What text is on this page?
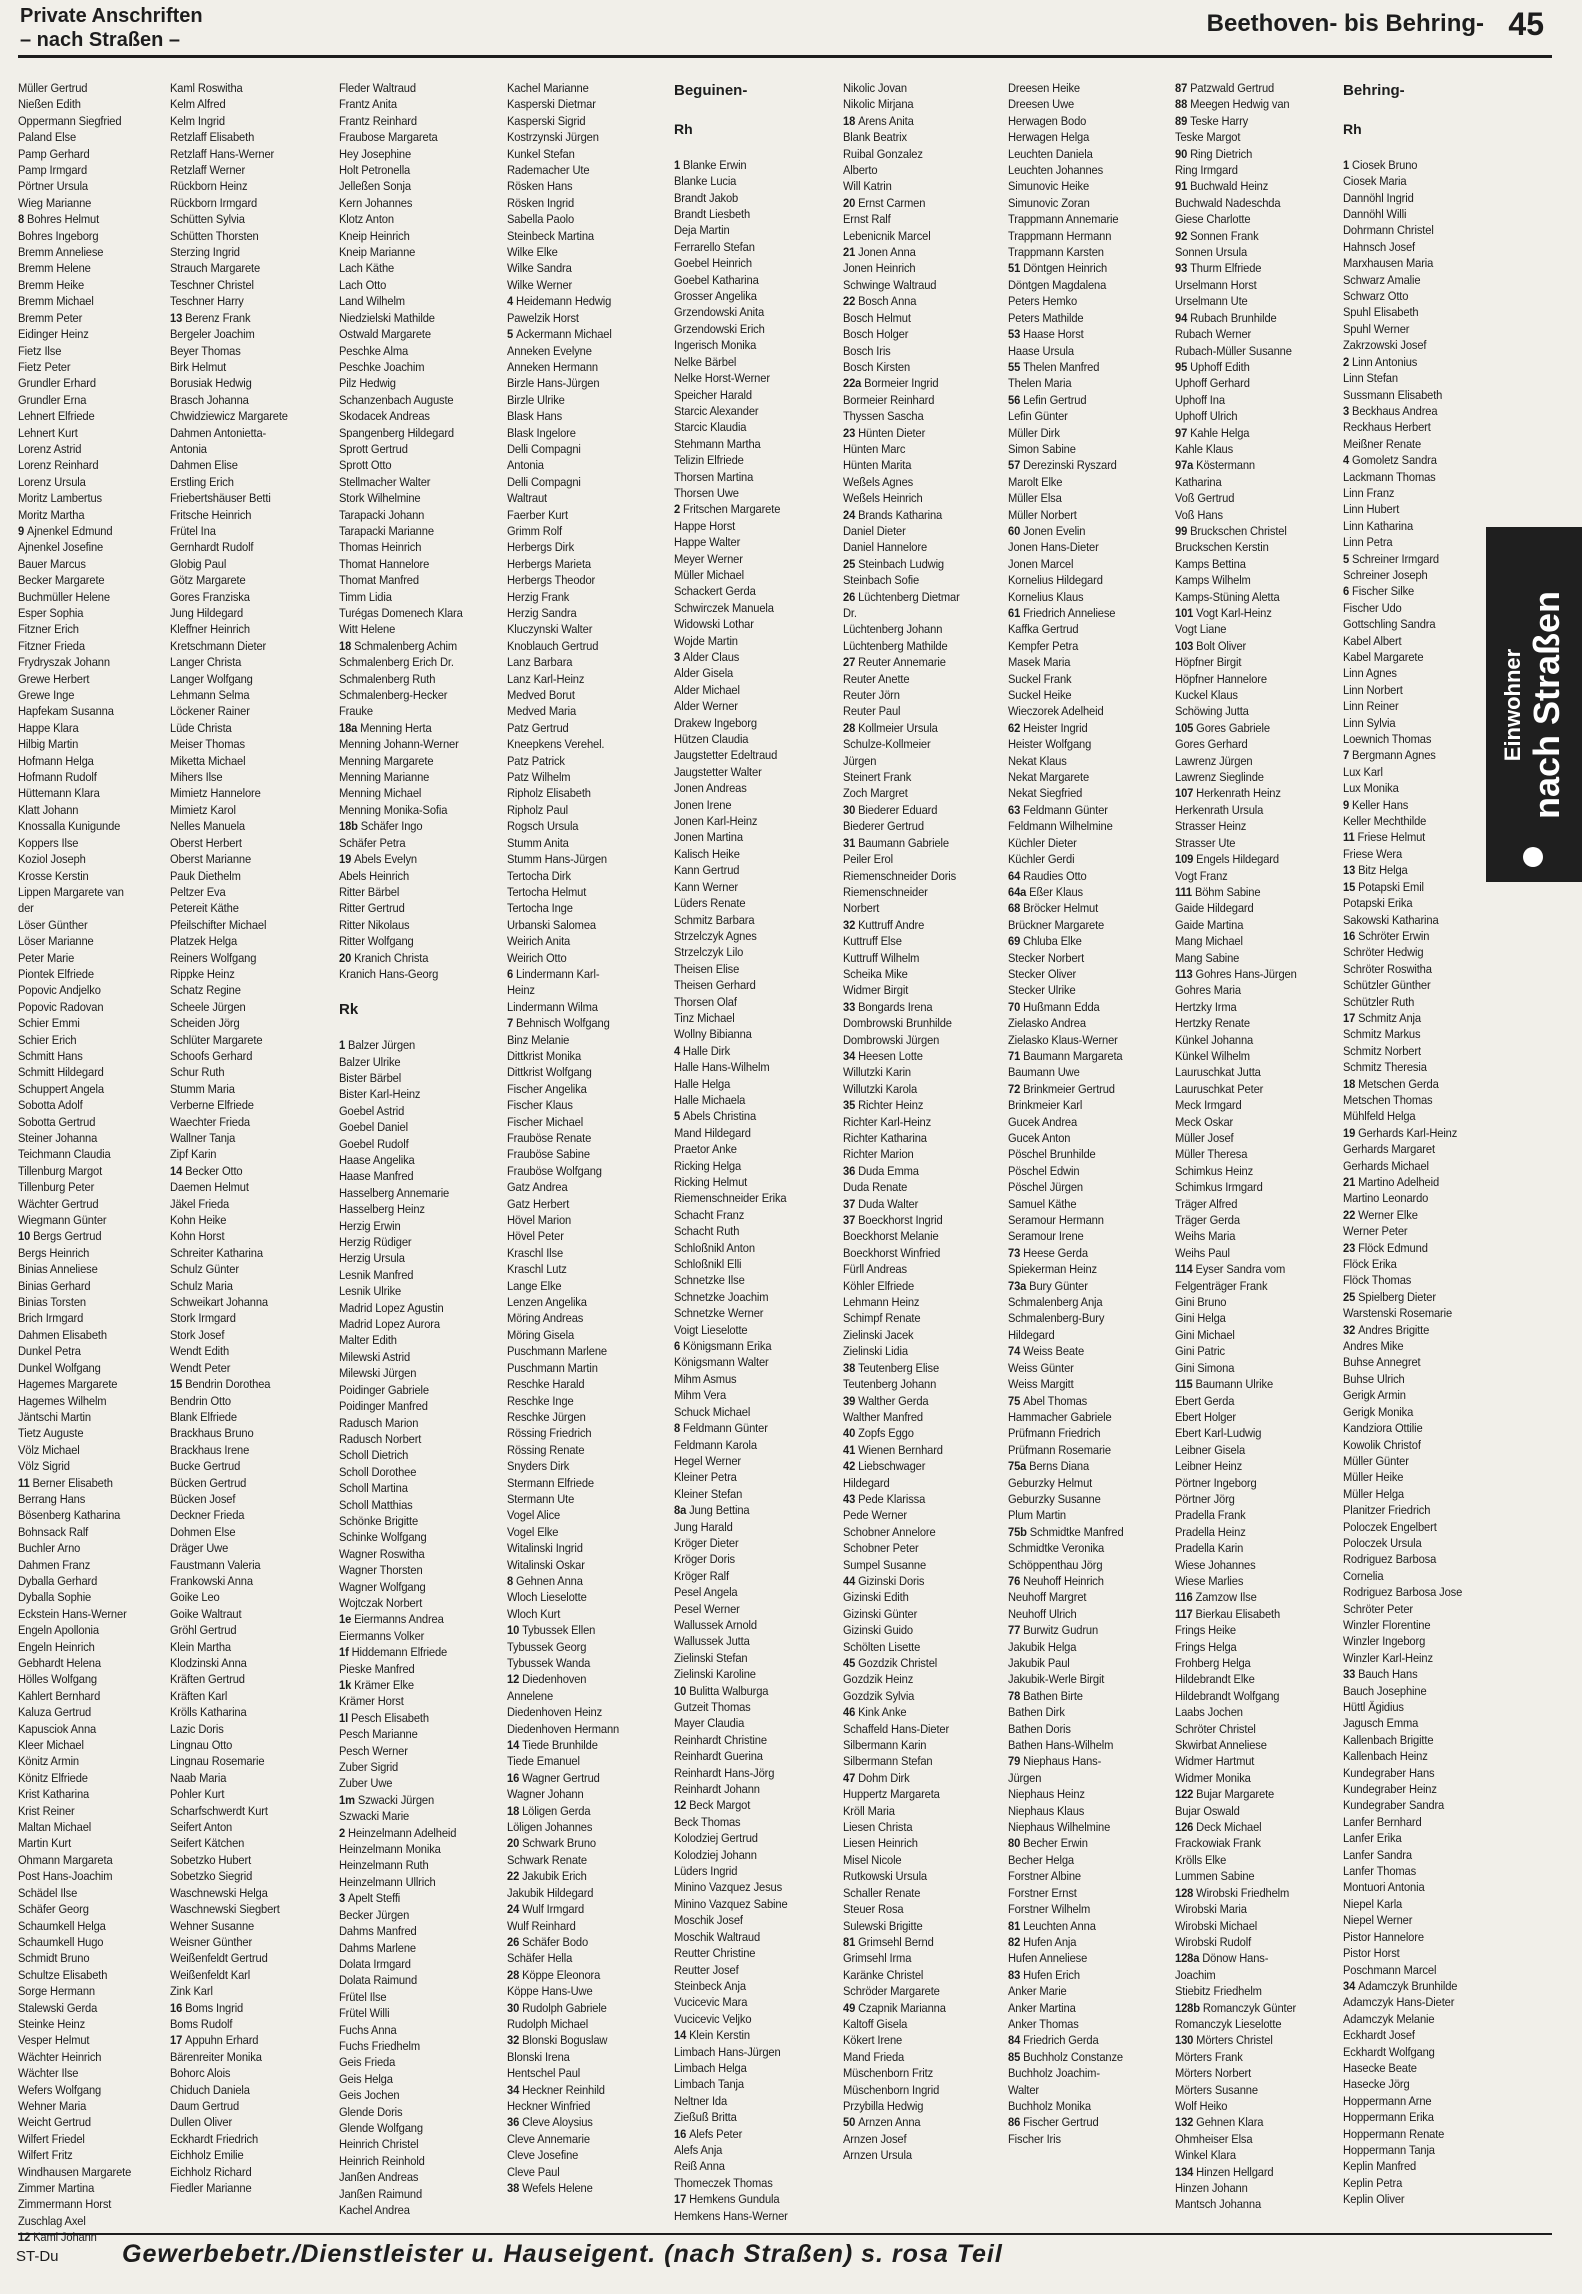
Private Anschriften
– nach Straßen –
Beethoven- bis Behring- 45
Müller Gertrud
Nießen Edith
Oppermann Siegfried
Paland Else
Pamp Gerhard
Pamp Irmgard
Pörtner Ursula
Wieg Marianne
8 Bohres Helmut
Bohres Ingeborg
Bremm Anneliese
Bremm Helene
Bremm Heike
Bremm Michael
Bremm Peter
Eidinger Heinz
Fietz Ilse
Fietz Peter
Grundler Erhard
Grundler Erna
Lehnert Elfriede
Lehnert Kurt
Lorenz Astrid
Lorenz Reinhard
Lorenz Ursula
Moritz Lambertus
Moritz Martha
9 Ajnenkel Edmund
Ajnenkel Josefine
Bauer Marcus
Becker Margarete
Buchmüller Helene
Esper Sophia
Fitzner Erich
Fitzner Frieda
Frydryszak Johann
Grewe Herbert
Grewe Inge
Hapfekam Susanna
Happe Klara
Hilbig Martin
Hofmann Helga
Hofmann Rudolf
Hüttemann Klara
Klatt Johann
Knossalla Kunigunde
Koppers Ilse
Koziol Joseph
Krosse Kerstin
Lippen Margarete van
der
Löser Günther
Löser Marianne
Peter Marie
Piontek Elfriede
Popovic Andjelko
Popovic Radovan
Schier Emmi
Schier Erich
Schmitt Hans
Schmitt Hildegard
Schuppert Angela
Sobotta Adolf
Sobotta Gertrud
Steiner Johanna
Teichmann Claudia
Tillenburg Margot
Tillenburg Peter
Wächter Gertrud
Wiegmann Günter
10 Bergs Gertrud
Bergs Heinrich
Binias Anneliese
Binias Gerhard
Binias Torsten
Brich Irmgard
Dahmen Elisabeth
Dunkel Petra
Dunkel Wolfgang
Hagemes Margarete
Hagemes Wilhelm
Jäntschi Martin
Tietz Auguste
Völz Michael
Völz Sigrid
11 Berner Elisabeth
Berrang Hans
Bösenberg Katharina
Bohnsack Ralf
Buchler Arno
Dahmen Franz
Dyballa Gerhard
Dyballa Sophie
Eckstein Hans-Werner
Engeln Apollonia
Engeln Heinrich
Gebhardt Helena
Hölles Wolfgang
Kahlert Bernhard
Kaluza Gertrud
Kapusciok Anna
Kleer Michael
Könitz Armin
Könitz Elfriede
Krist Katharina
Krist Reiner
Maltan Michael
Martin Kurt
Ohmann Margareta
Post Hans-Joachim
Schädel Ilse
Schäfer Georg
Schaumkell Helga
Schaumkell Hugo
Schmidt Bruno
Schultze Elisabeth
Sorge Hermann
Stalewski Gerda
Steinke Heinz
Vesper Helmut
Wächter Heinrich
Wächter Ilse
Wefers Wolfgang
Wehner Maria
Weicht Gertrud
Wilfert Friedel
Wilfert Fritz
Windhausen Margarete
Zimmer Martina
Zimmermann Horst
Zuschlag Axel
12 Kaml Johann
Kaml Roswitha
Kelm Alfred
Kelm Ingrid
Retzlaff Elisabeth
Retzlaff Hans-Werner
Retzlaff Werner
Rückborn Heinz
Rückborn Irmgard
Schütten Sylvia
Schütten Thorsten
Sterzing Ingrid
Strauch Margarete
Teschner Christel
Teschner Harry
13 Berenz Frank
Bergeler Joachim
Beyer Thomas
Birk Helmut
Borusiak Hedwig
Brasch Johanna
Chwidziewicz Margarete
Dahmen Antonietta-
Antonia
Dahmen Elise
Erstling Erich
Friebertshäuser Betti
Fritsche Heinrich
Frütel Ina
Gernhardt Rudolf
Globig Paul
Götz Margarete
Gores Franziska
Jung Hildegard
Kleffner Heinrich
Kretschmann Dieter
Langer Christa
Langer Wolfgang
Lehmann Selma
Löckener Rainer
Lüde Christa
Meiser Thomas
Miketta Michael
Mihers Ilse
Mimietz Hannelore
Mimietz Karol
Nelles Manuela
Oberst Herbert
Oberst Marianne
Pauk Diethelm
Peltzer Eva
Petereit Käthe
Pfeilschifter Michael
Platzek Helga
Reiners Wolfgang
Rippke Heinz
Schatz Regine
Scheele Jürgen
Scheiden Jörg
Schlüter Margarete
Schoofs Gerhard
Schur Ruth
Stumm Maria
Verberne Elfriede
Waechter Frieda
Wallner Tanja
Zipf Karin
14 Becker Otto
Daemen Helmut
Jäkel Frieda
Kohn Heike
Kohn Horst
Schreiter Katharina
Schulz Günter
Schulz Maria
Schweikart Johanna
Stork Irmgard
Stork Josef
Wendt Edith
Wendt Peter
15 Bendrin Dorothea
Bendrin Otto
Blank Elfriede
Brackhaus Bruno
Brackhaus Irene
Bucke Gertrud
Bücken Gertrud
Bücken Josef
Deckner Frieda
Dohmen Else
Dräger Uwe
Faustmann Valeria
Frankowski Anna
Goike Leo
Goike Waltraut
Gröhl Gertrud
Klein Martha
Klodzinski Anna
Kräften Gertrud
Kräften Karl
Krölls Katharina
Lazic Doris
Lingnau Otto
Lingnau Rosemarie
Naab Maria
Pohler Kurt
Scharfschwerdt Kurt
Seifert Anton
Seifert Kätchen
Sobetzko Hubert
Sobetzko Siegrid
Waschnewski Helga
Waschnewski Siegbert
Wehner Susanne
Weisner Günther
Weißenfeldt Gertrud
Weißenfeldt Karl
Zink Karl
16 Boms Ingrid
Boms Rudolf
17 Appuhn Erhard
Bärenreiter Monika
Bohorc Alois
Chiduch Daniela
Daum Gertrud
Dullen Oliver
Eckhardt Friedrich
Eichholz Emilie
Eichholz Richard
Fiedler Marianne
Fleder Waltraud
Frantz Anita
Frantz Reinhard
Fraubose Margareta
Hey Josephine
Holt Petronella
Jelleßen Sonja
Kern Johannes
Klotz Anton
Kneip Heinrich
Kneip Marianne
Lach Käthe
Lach Otto
Land Wilhelm
Niedzielski Mathilde
Ostwald Margarete
Peschke Alma
Peschke Joachim
Pilz Hedwig
Schanzenbach Auguste
Skodacek Andreas
Spangenberg Hildegard
Sprott Gertrud
Sprott Otto
Stellmacher Walter
Stork Wilhelmine
Tarapacki Johann
Tarapacki Marianne
Thomas Heinrich
Thomat Hannelore
Thomat Manfred
Timm Lidia
Turégas Domenech Klara
Witt Helene
18 Schmalenberg Achim
Schmalenberg Erich Dr.
Schmalenberg Ruth
Schmalenberg-Hecker
Frauke
18a Menning Herta
Menning Johann-Werner
Menning Margarete
Menning Marianne
Menning Michael
Menning Monika-Sofia
18b Schäfer Ingo
Schäfer Petra
19 Abels Evelyn
Abels Heinrich
Ritter Bärbel
Ritter Gertrud
Ritter Nikolaus
Ritter Wolfgang
20 Kranich Christa
Kranich Hans-Georg

Rk

1 Balzer Jürgen
Balzer Ulrike
Bister Bärbel
Bister Karl-Heinz
Goebel Astrid
Goebel Daniel
Goebel Rudolf
Haase Angelika
Haase Manfred
Hasselberg Annemarie
Hasselberg Heinz
Herzig Erwin
Herzig Rüdiger
Herzig Ursula
Lesnik Manfred
Lesnik Ulrike
Madrid Lopez Agustin
Madrid Lopez Aurora
Malter Edith
Milewski Astrid
Milewski Jürgen
Poidinger Gabriele
Poidinger Manfred
Radusch Marion
Radusch Norbert
Scholl Dietrich
Scholl Dorothee
Scholl Martina
Scholl Matthias
Schönke Brigitte
Schinke Wolfgang
Wagner Roswitha
Wagner Thorsten
Wagner Wolfgang
Wojtczak Norbert
1e Eiermanns Andrea
Eiermanns Volker
1f Hiddemann Elfriede
Pieske Manfred
1k Krämer Elke
Krämer Horst
1l Pesch Elisabeth
Pesch Marianne
Pesch Werner
Zuber Sigrid
Zuber Uwe
1m Szwacki Jürgen
Szwacki Marie
2 Heinzelmann Adelheid
Heinzelmann Monika
Heinzelmann Ruth
Heinzelmann Ullrich
3 Apelt Steffi
Becker Jürgen
Dahms Manfred
Dahms Marlene
Dolata Irmgard
Dolata Raimund
Frütel Ilse
Frütel Willi
Fuchs Anna
Fuchs Friedhelm
Geis Frieda
Geis Helga
Geis Jochen
Glende Doris
Glende Wolfgang
Heinrich Christel
Heinrich Reinhold
Janßen Andreas
Janßen Raimund
Kachel Andrea
Kachel Marianne
Kasperski Dietmar
Kasperski Sigrid
Kostrzynski Jürgen
Kunkel Stefan
Rademacher Ute
Rösken Hans
Rösken Ingrid
Sabella Paolo
Steinbeck Martina
Wilke Elke
Wilke Sandra
Wilke Werner
4 Heidemann Hedwig
Pawelzik Horst
5 Ackermann Michael
Anneken Evelyne
Anneken Hermann
Birzle Hans-Jürgen
Birzle Ulrike
Blask Hans
Blask Ingelore
Delli Compagni
Antonia
Delli Compagni
Waltraut
Faerber Kurt
Grimm Rolf
Herbergs Dirk
Herbergs Marieta
Herbergs Theodor
Herzig Frank
Herzig Sandra
Kluczynski Walter
Knoblauch Gertrud
Lanz Barbara
Lanz Karl-Heinz
Medved Borut
Medved Maria
Patz Gertrud
Kneepkens Verehel.
Patz Patrick
Patz Wilhelm
Ripholz Elisabeth
Ripholz Paul
Rogsch Ursula
Stumm Anita
Stumm Hans-Jürgen
Tertocha Dirk
Tertocha Helmut
Tertocha Inge
Urbanski Salomea
Weirich Anita
Weirich Otto
6 Lindermann Karl-
Heinz
Lindermann Wilma
7 Behnisch Wolfgang
Binz Melanie
Dittkrist Monika
Dittkrist Wolfgang
Fischer Angelika
Fischer Klaus
Fischer Michael
Frauböse Renate
Frauböse Sabine
Frauböse Wolfgang
Gatz Andrea
Gatz Herbert
Hövel Marion
Hövel Peter
Kraschl Ilse
Kraschl Lutz
Lange Elke
Lenzen Angelika
Möring Andreas
Möring Gisela
Puschmann Marlene
Puschmann Martin
Reschke Harald
Reschke Inge
Reschke Jürgen
Rössing Friedrich
Rössing Renate
Snyders Dirk
Stermann Elfriede
Stermann Ute
Vogel Alice
Vogel Elke
Witalinski Ingrid
Witalinski Oskar
8 Gehnen Anna
Wloch Lieselotte
Wloch Kurt
10 Tybussek Ellen
Tybussek Georg
Tybussek Wanda
12 Diedenhoven
Annelene
Diedenhoven Heinz
Diedenhoven Hermann
14 Tiede Brunhilde
Tiede Emanuel
16 Wagner Gertrud
Wagner Johann
18 Löligen Gerda
Löligen Johannes
20 Schwark Bruno
Schwark Renate
22 Jakubik Erich
Jakubik Hildegard
24 Wulf Irmgard
Wulf Reinhard
26 Schäfer Bodo
Schäfer Hella
28 Köppe Eleonora
Köppe Hans-Uwe
30 Rudolph Gabriele
Rudolph Michael
32 Blonski Boguslaw
Blonski Irena
Hentschel Paul
34 Heckner Reinhild
Heckner Winfried
36 Cleve Aloysius
Cleve Annemarie
Cleve Josefine
Cleve Paul
38 Wefels Helene
Beguinen-

Rh

1 Blanke Erwin
Blanke Lucia
Brandt Jakob
Brandt Liesbeth
Deja Martin
Ferrarello Stefan
Goebel Heinrich
Goebel Katharina
Grosser Angelika
Grzendowski Anita
Grzendowski Erich
Ingerisch Monika
Nelke Bärbel
Nelke Horst-Werner
Speicher Harald
Starcic Alexander
Starcic Klaudia
Stehmann Martha
Telizin Elfriede
Thorsen Martina
Thorsen Uwe
2 Fritschen Margarete
Happe Horst
Happe Walter
Meyer Werner
Müller Michael
Schackert Gerda
Schwirczek Manuela
Widowski Lothar
Wojde Martin
3 Alder Claus
Alder Gisela
Alder Michael
Alder Werner
Drakew Ingeborg
Hützen Claudia
Jaugstetter Edeltraud
Jaugstetter Walter
Jonen Andreas
Jonen Irene
Jonen Karl-Heinz
Jonen Martina
Kalisch Heike
Kann Gertrud
Kann Werner
Lüders Renate
Schmitz Barbara
Strzelczyk Agnes
Strzelczyk Lilo
Theisen Elise
Theisen Gerhard
Thorsen Olaf
Tinz Michael
Wollny Bibianna
4 Halle Dirk
Halle Hans-Wilhelm
Halle Helga
Halle Michaela
5 Abels Christina
Mand Hildegard
Praetor Anke
Ricking Helga
Ricking Helmut
Riemenschneider Erika
Schacht Franz
Schacht Ruth
Schloßnikl Anton
Schloßnikl Elli
Schnetzke Ilse
Schnetzke Joachim
Schnetzke Werner
Voigt Lieselotte
6 Königsmann Erika
Königsmann Walter
Mihm Asmus
Mihm Vera
Schuck Michael
8 Feldmann Günter
Feldmann Karola
Hegel Werner
Kleiner Petra
Kleiner Stefan
8a Jung Bettina
Jung Harald
Kröger Dieter
Kröger Doris
Kröger Ralf
Pesel Angela
Pesel Werner
Wallussek Arnold
Wallussek Jutta
Zielinski Stefan
Zielinski Karoline
10 Bulitta Walburga
Gutzeit Thomas
Mayer Claudia
Reinhardt Christine
Reinhardt Guerina
Reinhardt Hans-Jörg
Reinhardt Johann
12 Beck Margot
Beck Thomas
Kolodziej Gertrud
Kolodziej Johann
Lüders Ingrid
Minino Vazquez Jesus
Minino Vazquez Sabine
Moschik Josef
Moschik Waltraud
Reutter Christine
Reutter Josef
Steinbeck Anja
Vucicevic Mara
Vucicevic Veljko
14 Klein Kerstin
Limbach Hans-Jürgen
Limbach Helga
Limbach Tanja
Neltner Ida
Zießuß Britta
16 Alefs Peter
Alefs Anja
Reiß Anna
Thomeczek Thomas
17 Hemkens Gundula
Hemkens Hans-Werner
Nikolic Jovan
Nikolic Mirjana
18 Arens Anita
Blank Beatrix
Ruibal Gonzalez
Alberto
Will Katrin
20 Ernst Carmen
Ernst Ralf
Lebenicnik Marcel
21 Jonen Anna
Jonen Heinrich
Schwinge Waltraud
22 Bosch Anna
Bosch Helmut
Bosch Holger
Bosch Iris
Bosch Kirsten
22a Bormeier Ingrid
Bormeier Reinhard
Thyssen Sascha
23 Hünten Dieter
Hünten Marc
Hünten Marita
Weßels Agnes
Weßels Heinrich
24 Brands Katharina
Daniel Dieter
Daniel Hannelore
25 Steinbach Ludwig
Steinbach Sofie
26 Lüchtenberg Dietmar
Dr.
Lüchtenberg Johann
Lüchtenberg Mathilde
27 Reuter Annemarie
Reuter Anette
Reuter Jörn
Reuter Paul
28 Kollmeier Ursula
Schulze-Kollmeier
Jürgen
Steinert Frank
Zoch Margret
30 Biederer Eduard
Biederer Gertrud
31 Baumann Gabriele
Peiler Erol
Riemenschneider Doris
Riemenschneider
Norbert
32 Kuttruff Andre
Kuttruff Else
Kuttruff Wilhelm
Scheika Mike
Widmer Birgit
33 Bongards Irena
Dombrowski Brunhilde
Dombrowski Jürgen
34 Heesen Lotte
Willutzki Karin
Willutzki Karola
35 Richter Heinz
Richter Karl-Heinz
Richter Katharina
Richter Marion
36 Duda Emma
Duda Renate
37 Duda Walter
37 Boeckhorst Ingrid
Boeckhorst Melanie
Boeckhorst Winfried
Fürll Andreas
Köhler Elfriede
Lehmann Heinz
Schimpf Renate
Zielinski Jacek
Zielinski Lidia
38 Teutenberg Elise
Teutenberg Johann
39 Walther Gerda
Walther Manfred
40 Zopfs Eggo
41 Wienen Bernhard
42 Liebschwager
Hildegard
43 Pede Klarissa
Pede Werner
Schobner Annelore
Schobner Peter
Sumpel Susanne
44 Gizinski Doris
Gizinski Edith
Gizinski Günter
Gizinski Guido
Schölten Lisette
45 Gozdzik Christel
Gozdzik Heinz
Gozdzik Sylvia
46 Kink Anke
Schaffeld Hans-Dieter
Silbermann Karin
Silbermann Stefan
47 Dohm Dirk
Huppertz Margareta
Kröll Maria
Liesen Christa
Liesen Heinrich
Misel Nicole
Rutkowski Ursula
Schaller Renate
Steuer Rosa
Sulewski Brigitte
81 Grimsehl Bernd
Grimsehl Irma
Karänke Christel
Schröder Margarete
49 Czapnik Marianna
Kaltoff Gisela
Kökert Irene
Mand Frieda
Müschenborn Fritz
Müschenborn Ingrid
Przybilla Hedwig
50 Arnzen Anna
Arnzen Josef
Arnzen Ursula
Dreesen Heike
Dreesen Uwe
Herwagen Bodo
Herwagen Helga
Leuchten Daniela
Leuchten Johannes
Simunovic Heike
Simunovic Zoran
Trappmann Annemarie
Trappmann Hermann
Trappmann Karsten
51 Döntgen Heinrich
Döntgen Magdalena
Peters Hemko
Peters Mathilde
53 Haase Horst
Haase Ursula
55 Thelen Manfred
Thelen Maria
56 Lefin Gertrud
Lefin Günter
Müller Dirk
Simon Sabine
57 Derezinski Ryszard
Marolt Elke
Müller Elsa
Müller Norbert
60 Jonen Evelin
Jonen Hans-Dieter
Jonen Marcel
Kornelius Hildegard
Kornelius Klaus
61 Friedrich Anneliese
Kaffka Gertrud
Kempfer Petra
Masek Maria
Suckel Frank
Suckel Heike
Wieczorek Adelheid
62 Heister Ingrid
Heister Wolfgang
Nekat Klaus
Nekat Margarete
Nekat Siegfried
63 Feldmann Günter
Feldmann Wilhelmine
Küchler Dieter
Küchler Gerdi
64 Raudies Otto
64a Eßer Klaus
68 Bröcker Helmut
Brückner Margarete
69 Chluba Elke
Stecker Norbert
Stecker Oliver
Stecker Ulrike
70 Hußmann Edda
Zielasko Andrea
Zielasko Klaus-Werner
71 Baumann Margareta
Baumann Uwe
72 Brinkmeier Gertrud
Brinkmeier Karl
Gucek Andrea
Gucek Anton
Pöschel Brunhilde
Pöschel Edwin
Pöschel Jürgen
Samuel Käthe
Seramour Hermann
Seramour Irene
73 Heese Gerda
Spiekerman Heinz
73a Bury Günter
Schmalenberg Anja
Schmalenberg-Bury
Hildegard
74 Weiss Beate
Weiss Günter
Weiss Margitt
75 Abel Thomas
Hammacher Gabriele
Prüfmann Friedrich
Prüfmann Rosemarie
75a Berns Diana
Geburzky Helmut
Geburzky Susanne
Plum Martin
75b Schmidtke Manfred
Schmidtke Veronika
Schöppenthau Jörg
76 Neuhoff Heinrich
Neuhoff Margret
Neuhoff Ulrich
77 Burwitz Gudrun
Jakubik Helga
Jakubik Paul
Jakubik-Werle Birgit
78 Bathen Birte
Bathen Dirk
Bathen Doris
Bathen Hans-Wilhelm
79 Niephaus Hans-
Jürgen
Niephaus Heinz
Niephaus Klaus
Niephaus Wilhelmine
80 Becher Erwin
Becher Helga
Forstner Albine
Forstner Ernst
Forstner Wilhelm
81 Leuchten Anna
82 Hufen Anja
Hufen Anneliese
83 Hufen Erich
Anker Marie
Anker Martina
Anker Thomas
84 Friedrich Gerda
85 Buchholz Constanze
Buchholz Joachim-
Walter
Buchholz Monika
86 Fischer Gertrud
Fischer Iris
87 Patzwald Gertrud
88 Meegen Hedwig van
89 Teske Harry
Teske Margot
90 Ring Dietrich
Ring Irmgard
91 Buchwald Heinz
Buchwald Nadeschda
Giese Charlotte
92 Sonnen Frank
Sonnen Ursula
93 Thurm Elfriede
Urselmann Horst
Urselmann Ute
94 Rubach Brunhilde
Rubach Werner
Rubach-Müller Susanne
95 Uphoff Edith
Uphoff Gerhard
Uphoff Ina
Uphoff Ulrich
97 Kahle Helga
Kahle Klaus
97a Köstermann
Katharina
Voß Gertrud
Voß Hans
99 Bruckschen Christel
Bruckschen Kerstin
Kamps Bettina
Kamps Wilhelm
Kamps-Stüning Aletta
101 Vogt Karl-Heinz
Vogt Liane
103 Bolt Oliver
Höpfner Birgit
Höpfner Hannelore
Kuckel Klaus
Schöwing Jutta
105 Gores Gabriele
Gores Gerhard
Lawrenz Jürgen
Lawrenz Sieglinde
107 Herkenrath Heinz
Herkenrath Ursula
Strasser Heinz
Strasser Ute
109 Engels Hildegard
Vogt Franz
111 Böhm Sabine
Gaide Hildegard
Gaide Martina
Mang Michael
Mang Sabine
113 Gohres Hans-Jürgen
Gohres Maria
Hertzky Irma
Hertzky Renate
Künkel Johanna
Künkel Wilhelm
Lauruschkat Jutta
Lauruschkat Peter
Meck Irmgard
Meck Oskar
Müller Josef
Müller Theresa
Schimkus Heinz
Schimkus Irmgard
Träger Alfred
Träger Gerda
Weihs Maria
Weihs Paul
114 Eyser Sandra vom
Felgenträger Frank
Gini Bruno
Gini Helga
Gini Michael
Gini Patric
Gini Simona
115 Baumann Ulrike
Ebert Gerda
Ebert Holger
Ebert Karl-Ludwig
Leibner Gisela
Leibner Heinz
Pörtner Ingeborg
Pörtner Jörg
Pradella Frank
Pradella Heinz
Pradella Karin
Wiese Johannes
Wiese Marlies
116 Zamzow Ilse
117 Bierkau Elisabeth
Frings Heike
Frings Helga
Frohberg Helga
Hildebrandt Elke
Hildebrandt Wolfgang
Laabs Jochen
Schröter Christel
Skwirbat Anneliese
Widmer Hartmut
Widmer Monika
122 Bujar Margarete
Bujar Oswald
126 Deck Michael
Frackowiak Frank
Krölls Elke
Lummen Sabine
128 Wirobski Friedhelm
Wirobski Maria
Wirobski Michael
Wirobski Rudolf
128a Dönow Hans-
Joachim
Stiebitz Friedhelm
128b Romanczyk Günter
Romanczyk Lieselotte
130 Mörters Christel
Mörters Frank
Mörters Norbert
Mörters Susanne
Wolf Heiko
132 Gehnen Klara
Ohmheiser Elsa
Winkel Klara
134 Hinzen Hellgard
Hinzen Johann
Mantsch Johanna
Behring-

Rh

1 Ciosek Bruno
Ciosek Maria
Dannöhl Ingrid
Dannöhl Willi
Dohrmann Christel
Hahnsch Josef
Marxhausen Maria
Schwarz Amalie
Schwarz Otto
Spuhl Elisabeth
Spuhl Werner
Zakrzowski Josef
2 Linn Antonius
Linn Stefan
Sussmann Elisabeth
3 Beckhaus Andrea
Reckhaus Herbert
Meißner Renate
4 Gomoletz Sandra
Lackmann Thomas
Linn Franz
Linn Hubert
Linn Katharina
Linn Petra
5 Schreiner Irmgard
Schreiner Joseph
6 Fischer Silke
Fischer Udo
Gottschling Sandra
Kabel Albert
Kabel Margarete
Linn Agnes
Linn Norbert
Linn Reiner
Linn Sylvia
Loewnich Thomas
7 Bergmann Agnes
Lux Karl
Lux Monika
9 Keller Hans
Keller Mechthilde
11 Friese Helmut
Friese Wera
13 Bitz Helga
15 Potapski Emil
Potapski Erika
Sakowski Katharina
16 Schröter Erwin
Schröter Hedwig
Schröter Roswitha
Schützler Günther
Schützler Ruth
17 Schmitz Anja
Schmitz Markus
Schmitz Norbert
Schmitz Theresia
18 Metschen Gerda
Metschen Thomas
Mühlfeld Helga
19 Gerhards Karl-Heinz
Gerhards Margaret
Gerhards Michael
21 Martino Adelheid
Martino Leonardo
22 Werner Elke
Werner Peter
23 Flöck Edmund
Flöck Erika
Flöck Thomas
25 Spielberg Dieter
Warstenski Rosemarie
32 Andres Brigitte
Andres Mike
Buhse Annegret
Buhse Ulrich
Gerigk Armin
Gerigk Monika
Kandziora Ottilie
Kowolik Christof
Müller Günter
Müller Heike
Müller Helga
Planitzer Friedrich
Poloczek Engelbert
Poloczek Ursula
Rodriguez Barbosa
Cornelia
Rodriguez Barbosa Jose
Schröter Peter
Winzler Florentine
Winzler Ingeborg
Winzler Karl-Heinz
33 Bauch Hans
Bauch Josephine
Hüttl Ägidius
Jagusch Emma
Kallenbach Brigitte
Kallenbach Heinz
Kundegraber Hans
Kundegraber Heinz
Kundegraber Sandra
Lanfer Bernhard
Lanfer Erika
Lanfer Sandra
Lanfer Thomas
Montuori Antonia
Niepel Karla
Niepel Werner
Pistor Hannelore
Pistor Horst
Poschmann Marcel
34 Adamczyk Brunhilde
Adamczyk Hans-Dieter
Adamczyk Melanie
Eckhardt Josef
Eckhardt Wolfgang
Hasecke Beate
Hasecke Jörg
Hoppermann Arne
Hoppermann Erika
Hoppermann Renate
Hoppermann Tanja
Keplin Manfred
Keplin Petra
Keplin Oliver
Einwohner nach Straßen
ST-Du	Gewerbebetr./Dienstleister u. Hauseigent. (nach Straßen) s. rosa Teil
